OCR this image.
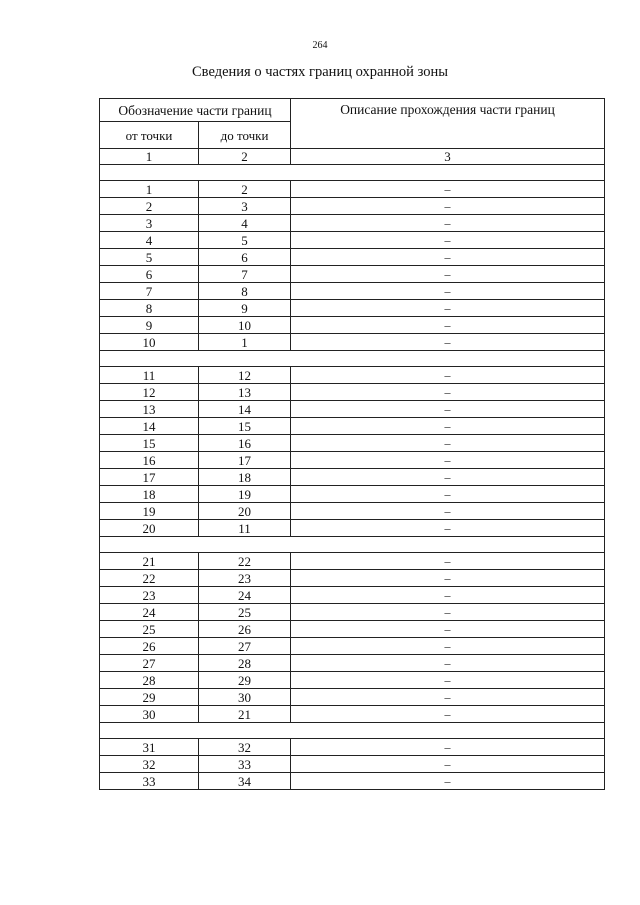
264
Сведения о частях границ охранной зоны
Обозначение части границ		Описание прохождения части границ
от точки	до точки	
1	2	3

1	2	–
2	3	–
3	4	–
4	5	–
5	6	–
6	7	–
7	8	–
8	9	–
9	10	–
10	1	–

11	12	–
12	13	–
13	14	–
14	15	–
15	16	–
16	17	–
17	18	–
18	19	–
19	20	–
20	11	–

21	22	–
22	23	–
23	24	–
24	25	–
25	26	–
26	27	–
27	28	–
28	29	–
29	30	–
30	21	–

31	32	–
32	33	–
33	34	–
